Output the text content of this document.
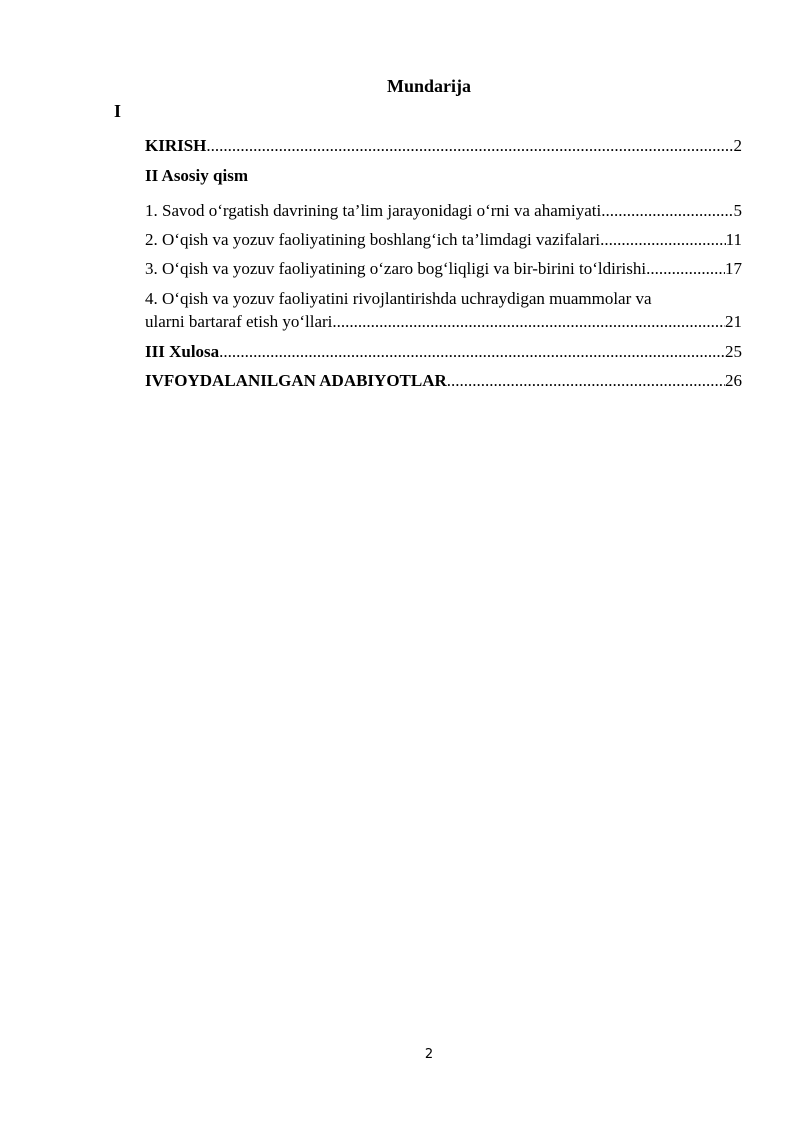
Mundarija
I
KIRISH .....	2
II Asosiy qism
1. Savod o‘rgatish davrining ta’lim jarayonidagi o‘rni va ahamiyati .....	5
2. O‘qish va yozuv faoliyatining boshlang‘ich ta’limdagi vazifalari .....	11
3. O‘qish va yozuv faoliyatining o‘zaro bog‘liqligi va bir-birini to‘ldirishi .....	17
4. O‘qish va yozuv faoliyatini rivojlantirishda uchraydigan muammolar va
ularni bartaraf etish yo‘llari .....	21
III Xulosa .....	25
IVFOYDALANILGAN ADABIYOTLAR .....	26
2
